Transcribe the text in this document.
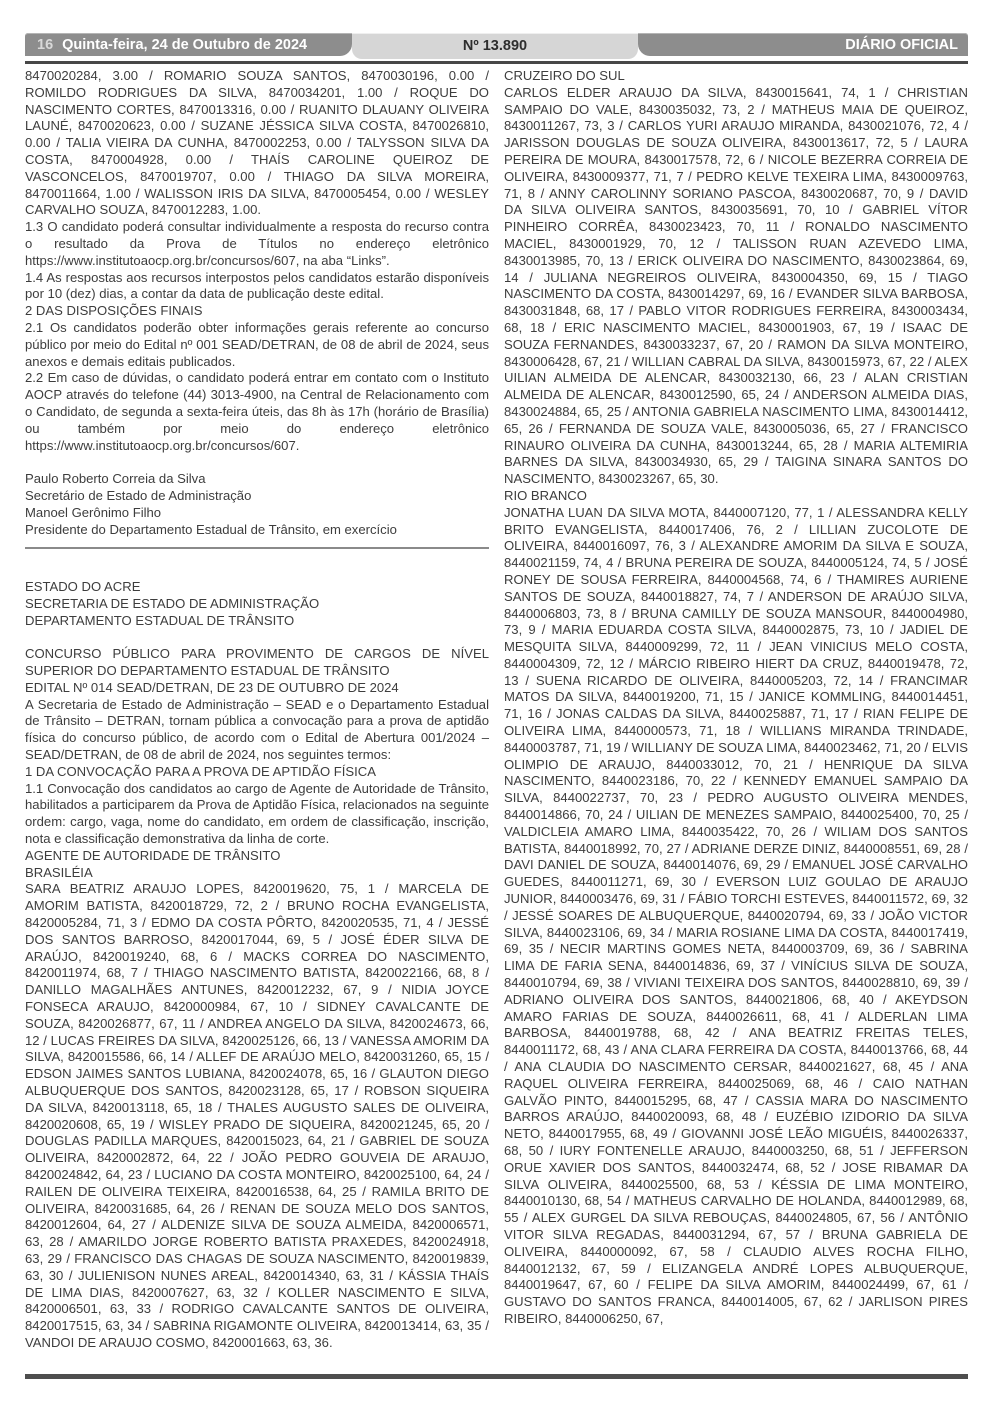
16 Quinta-feira, 24 de Outubro de 2024	Nº 13.890	DIÁRIO OFICIAL

8470020284, 3.00 / ROMARIO SOUZA SANTOS, 8470030196, 0.00 / ROMILDO RODRIGUES DA SILVA, 8470034201, 1.00 / ROQUE DO NASCIMENTO CORTES, 8470013316, 0.00 / RUANITO DLAUANY OLIVEIRA LAUNÉ, 8470020623, 0.00 / SUZANE JÉSSICA SILVA COSTA, 8470026810, 0.00 / TALIA VIEIRA DA CUNHA, 8470002253, 0.00 / TALYSSON SILVA DA COSTA, 8470004928, 0.00 / THAÍS CAROLINE QUEIROZ DE VASCONCELOS, 8470019707, 0.00 / THIAGO DA SILVA MOREIRA, 8470011664, 1.00 / WALISSON IRIS DA SILVA, 8470005454, 0.00 / WESLEY CARVALHO SOUZA, 8470012283, 1.00.

1.3 O candidato poderá consultar individualmente a resposta do recurso contra o resultado da Prova de Títulos no endereço eletrônico https://www.institutoaocp.org.br/concursos/607, na aba “Links”.

1.4 As respostas aos recursos interpostos pelos candidatos estarão disponíveis por 10 (dez) dias, a contar da data de publicação deste edital.

2 DAS DISPOSIÇÕES FINAIS

2.1 Os candidatos poderão obter informações gerais referente ao concurso público por meio do Edital nº 001 SEAD/DETRAN, de 08 de abril de 2024, seus anexos e demais editais publicados.

2.2 Em caso de dúvidas, o candidato poderá entrar em contato com o Instituto AOCP através do telefone (44) 3013-4900, na Central de Relacionamento com o Candidato, de segunda a sexta-feira úteis, das 8h às 17h (horário de Brasília) ou também por meio do endereço eletrônico https://www.institutoaocp.org.br/concursos/607.

Paulo Roberto Correia da Silva

Secretário de Estado de Administração

Manoel Gerônimo Filho

Presidente do Departamento Estadual de Trânsito, em exercício

ESTADO DO ACRE

SECRETARIA DE ESTADO DE ADMINISTRAÇÃO

DEPARTAMENTO ESTADUAL DE TRÂNSITO

CONCURSO PÚBLICO PARA PROVIMENTO DE CARGOS DE NÍVEL SUPERIOR DO DEPARTAMENTO ESTADUAL DE TRÂNSITO

EDITAL Nº 014 SEAD/DETRAN, DE 23 DE OUTUBRO DE 2024

A Secretaria de Estado de Administração – SEAD e o Departamento Estadual de Trânsito – DETRAN, tornam pública a convocação para a prova de aptidão física do concurso público, de acordo com o Edital de Abertura 001/2024 – SEAD/DETRAN, de 08 de abril de 2024, nos seguintes termos:

1 DA CONVOCAÇÃO PARA A PROVA DE APTIDÃO FÍSICA

1.1 Convocação dos candidatos ao cargo de Agente de Autoridade de Trânsito, habilitados a participarem da Prova de Aptidão Física, relacionados na seguinte ordem: cargo, vaga, nome do candidato, em ordem de classificação, inscrição, nota e classificação demonstrativa da linha de corte.

AGENTE DE AUTORIDADE DE TRÂNSITO

BRASILÉIA

SARA BEATRIZ ARAUJO LOPES, 8420019620, 75, 1 / MARCELA DE AMORIM BATISTA, 8420018729, 72, 2 / BRUNO ROCHA EVANGELISTA, 8420005284, 71, 3 / EDMO DA COSTA PÔRTO, 8420020535, 71, 4 / JESSÉ DOS SANTOS BARROSO, 8420017044, 69, 5 / JOSÉ ÉDER SILVA DE ARAÚJO, 8420019240, 68, 6 / MACKS CORREA DO NASCIMENTO, 8420011974, 68, 7 / THIAGO NASCIMENTO BATISTA, 8420022166, 68, 8 / DANILLO MAGALHÃES ANTUNES, 8420012232, 67, 9 / NIDIA JOYCE FONSECA ARAUJO, 8420000984, 67, 10 / SIDNEY CAVALCANTE DE SOUZA, 8420026877, 67, 11 / ANDREA ANGELO DA SILVA, 8420024673, 66, 12 / LUCAS FREIRES DA SILVA, 8420025126, 66, 13 / VANESSA AMORIM DA SILVA, 8420015586, 66, 14 / ALLEF DE ARAÚJO MELO, 8420031260, 65, 15 / EDSON JAIMES SANTOS LUBIANA, 8420024078, 65, 16 / GLAUTON DIEGO ALBUQUERQUE DOS SANTOS, 8420023128, 65, 17 / ROBSON SIQUEIRA DA SILVA, 8420013118, 65, 18 / THALES AUGUSTO SALES DE OLIVEIRA, 8420020608, 65, 19 / WISLEY PRADO DE SIQUEIRA, 8420021245, 65, 20 / DOUGLAS PADILLA MARQUES, 8420015023, 64, 21 / GABRIEL DE SOUZA OLIVEIRA, 8420002872, 64, 22 / JOÃO PEDRO GOUVEIA DE ARAUJO, 8420024842, 64, 23 / LUCIANO DA COSTA MONTEIRO, 8420025100, 64, 24 / RAILEN DE OLIVEIRA TEIXEIRA, 8420016538, 64, 25 / RAMILA BRITO DE OLIVEIRA, 8420031685, 64, 26 / RENAN DE SOUZA MELO DOS SANTOS, 8420012604, 64, 27 / ALDENIZE SILVA DE SOUZA ALMEIDA, 8420006571, 63, 28 / AMARILDO JORGE ROBERTO BATISTA PRAXEDES, 8420024918, 63, 29 / FRANCISCO DAS CHAGAS DE SOUZA NASCIMENTO, 8420019839, 63, 30 / JULIENISON NUNES AREAL, 8420014340, 63, 31 / KÁSSIA THAÍS DE LIMA DIAS, 8420007627, 63, 32 / KOLLER NASCIMENTO E SILVA, 8420006501, 63, 33 / RODRIGO CAVALCANTE SANTOS DE OLIVEIRA, 8420017515, 63, 34 / SABRINA RIGAMONTE OLIVEIRA, 8420013414, 63, 35 / VANDOI DE ARAUJO COSMO, 8420001663, 63, 36.

CRUZEIRO DO SUL

CARLOS ELDER ARAUJO DA SILVA, 8430015641, 74, 1 / CHRISTIAN SAMPAIO DO VALE, 8430035032, 73, 2 / MATHEUS MAIA DE QUEIROZ, 8430011267, 73, 3 / CARLOS YURI ARAUJO MIRANDA, 8430021076, 72, 4 / JARISSON DOUGLAS DE SOUZA OLIVEIRA, 8430013617, 72, 5 / LAURA PEREIRA DE MOURA, 8430017578, 72, 6 / NICOLE BEZERRA CORREIA DE OLIVEIRA, 8430009377, 71, 7 / PEDRO KELVE TEXEIRA LIMA, 8430009763, 71, 8 / ANNY CAROLINNY SORIANO PASCOA, 8430020687, 70, 9 / DAVID DA SILVA OLIVEIRA SANTOS, 8430035691, 70, 10 / GABRIEL VÍTOR PINHEIRO CORRÊA, 8430023423, 70, 11 / RONALDO NASCIMENTO MACIEL, 8430001929, 70, 12 / TALISSON RUAN AZEVEDO LIMA, 8430013985, 70, 13 / ERICK OLIVEIRA DO NASCIMENTO, 8430023864, 69, 14 / JULIANA NEGREIROS OLIVEIRA, 8430004350, 69, 15 / TIAGO NASCIMENTO DA COSTA, 8430014297, 69, 16 / EVANDER SILVA BARBOSA, 8430031848, 68, 17 / PABLO VITOR RODRIGUES FERREIRA, 8430003434, 68, 18 / ERIC NASCIMENTO MACIEL, 8430001903, 67, 19 / ISAAC DE SOUZA FERNANDES, 8430033237, 67, 20 / RAMON DA SILVA MONTEIRO, 8430006428, 67, 21 / WILLIAN CABRAL DA SILVA, 8430015973, 67, 22 / ALEX UILIAN ALMEIDA DE ALENCAR, 8430032130, 66, 23 / ALAN CRISTIAN ALMEIDA DE ALENCAR, 8430012590, 65, 24 / ANDERSON ALMEIDA DIAS, 8430024884, 65, 25 / ANTONIA GABRIELA NASCIMENTO LIMA, 8430014412, 65, 26 / FERNANDA DE SOUZA VALE, 8430005036, 65, 27 / FRANCISCO RINAURO OLIVEIRA DA CUNHA, 8430013244, 65, 28 / MARIA ALTEMIRIA BARNES DA SILVA, 8430034930, 65, 29 / TAIGINA SINARA SANTOS DO NASCIMENTO, 8430023267, 65, 30.

RIO BRANCO

JONATHA LUAN DA SILVA MOTA, 8440007120, 77, 1 / ALESSANDRA KELLY BRITO EVANGELISTA, 8440017406, 76, 2 / LILLIAN ZUCOLOTE DE OLIVEIRA, 8440016097, 76, 3 / ALEXANDRE AMORIM DA SILVA E SOUZA, 8440021159, 74, 4 / BRUNA PEREIRA DE SOUZA, 8440005124, 74, 5 / JOSÉ RONEY DE SOUSA FERREIRA, 8440004568, 74, 6 / THAMIRES AURIENE SANTOS DE SOUZA, 8440018827, 74, 7 / ANDERSON DE ARAÚJO SILVA, 8440006803, 73, 8 / BRUNA CAMILLY DE SOUZA MANSOUR, 8440004980, 73, 9 / MARIA EDUARDA COSTA SILVA, 8440002875, 73, 10 / JADIEL DE MESQUITA SILVA, 8440009299, 72, 11 / JEAN VINICIUS MELO COSTA, 8440004309, 72, 12 / MÁRCIO RIBEIRO HIERT DA CRUZ, 8440019478, 72, 13 / SUENA RICARDO DE OLIVEIRA, 8440005203, 72, 14 / FRANCIMAR MATOS DA SILVA, 8440019200, 71, 15 / JANICE KOMMLING, 8440014451, 71, 16 / JONAS CALDAS DA SILVA, 8440025887, 71, 17 / RIAN FELIPE DE OLIVEIRA LIMA, 8440000573, 71, 18 / WILLIANS MIRANDA TRINDADE, 8440003787, 71, 19 / WILLIANY DE SOUZA LIMA, 8440023462, 71, 20 / ELVIS OLIMPIO DE ARAUJO, 8440033012, 70, 21 / HENRIQUE DA SILVA NASCIMENTO, 8440023186, 70, 22 / KENNEDY EMANUEL SAMPAIO DA SILVA, 8440022737, 70, 23 / PEDRO AUGUSTO OLIVEIRA MENDES, 8440014866, 70, 24 / UILIAN DE MENEZES SAMPAIO, 8440025400, 70, 25 / VALDICLEIA AMARO LIMA, 8440035422, 70, 26 / WILIAM DOS SANTOS BATISTA, 8440018992, 70, 27 / ADRIANE DERZE DINIZ, 8440008551, 69, 28 / DAVI DANIEL DE SOUZA, 8440014076, 69, 29 / EMANUEL JOSÉ CARVALHO GUEDES, 8440011271, 69, 30 / EVERSON LUIZ GOULAO DE ARAUJO JUNIOR, 8440003476, 69, 31 / FÁBIO TORCHI ESTEVES, 8440011572, 69, 32 / JESSÉ SOARES DE ALBUQUERQUE, 8440020794, 69, 33 / JOÃO VICTOR SILVA, 8440023106, 69, 34 / MARIA ROSIANE LIMA DA COSTA, 8440017419, 69, 35 / NECIR MARTINS GOMES NETA, 8440003709, 69, 36 / SABRINA LIMA DE FARIA SENA, 8440014836, 69, 37 / VINÍCIUS SILVA DE SOUZA, 8440010794, 69, 38 / VIVIANI TEIXEIRA DOS SANTOS, 8440028810, 69, 39 / ADRIANO OLIVEIRA DOS SANTOS, 8440021806, 68, 40 / AKEYDSON AMARO FARIAS DE SOUZA, 8440026611, 68, 41 / ALDERLAN LIMA BARBOSA, 8440019788, 68, 42 / ANA BEATRIZ FREITAS TELES, 8440011172, 68, 43 / ANA CLARA FERREIRA DA COSTA, 8440013766, 68, 44 / ANA CLAUDIA DO NASCIMENTO CERSAR, 8440021627, 68, 45 / ANA RAQUEL OLIVEIRA FERREIRA, 8440025069, 68, 46 / CAIO NATHAN GALVÃO PINTO, 8440015295, 68, 47 / CASSIA MARA DO NASCIMENTO BARROS ARAÚJO, 8440020093, 68, 48 / EUZÉBIO IZIDORIO DA SILVA NETO, 8440017955, 68, 49 / GIOVANNI JOSÉ LEÃO MIGUÉIS, 8440026337, 68, 50 / IURY FONTENELLE ARAUJO, 8440003250, 68, 51 / JEFFERSON ORUE XAVIER DOS SANTOS, 8440032474, 68, 52 / JOSE RIBAMAR DA SILVA OLIVEIRA, 8440025500, 68, 53 / KÉSSIA DE LIMA MONTEIRO, 8440010130, 68, 54 / MATHEUS CARVALHO DE HOLANDA, 8440012989, 68, 55 / ALEX GURGEL DA SILVA REBOUÇAS, 8440024805, 67, 56 / ANTÔNIO VITOR SILVA REGADAS, 8440031294, 67, 57 / BRUNA GABRIELA DE OLIVEIRA, 8440000092, 67, 58 / CLAUDIO ALVES ROCHA FILHO, 8440012132, 67, 59 / ELIZANGELA ANDRÉ LOPES ALBUQUERQUE, 8440019647, 67, 60 / FELIPE DA SILVA AMORIM, 8440024499, 67, 61 / GUSTAVO DO SANTOS FRANCA, 8440014005, 67, 62 / JARLISON PIRES RIBEIRO, 8440006250, 67,
